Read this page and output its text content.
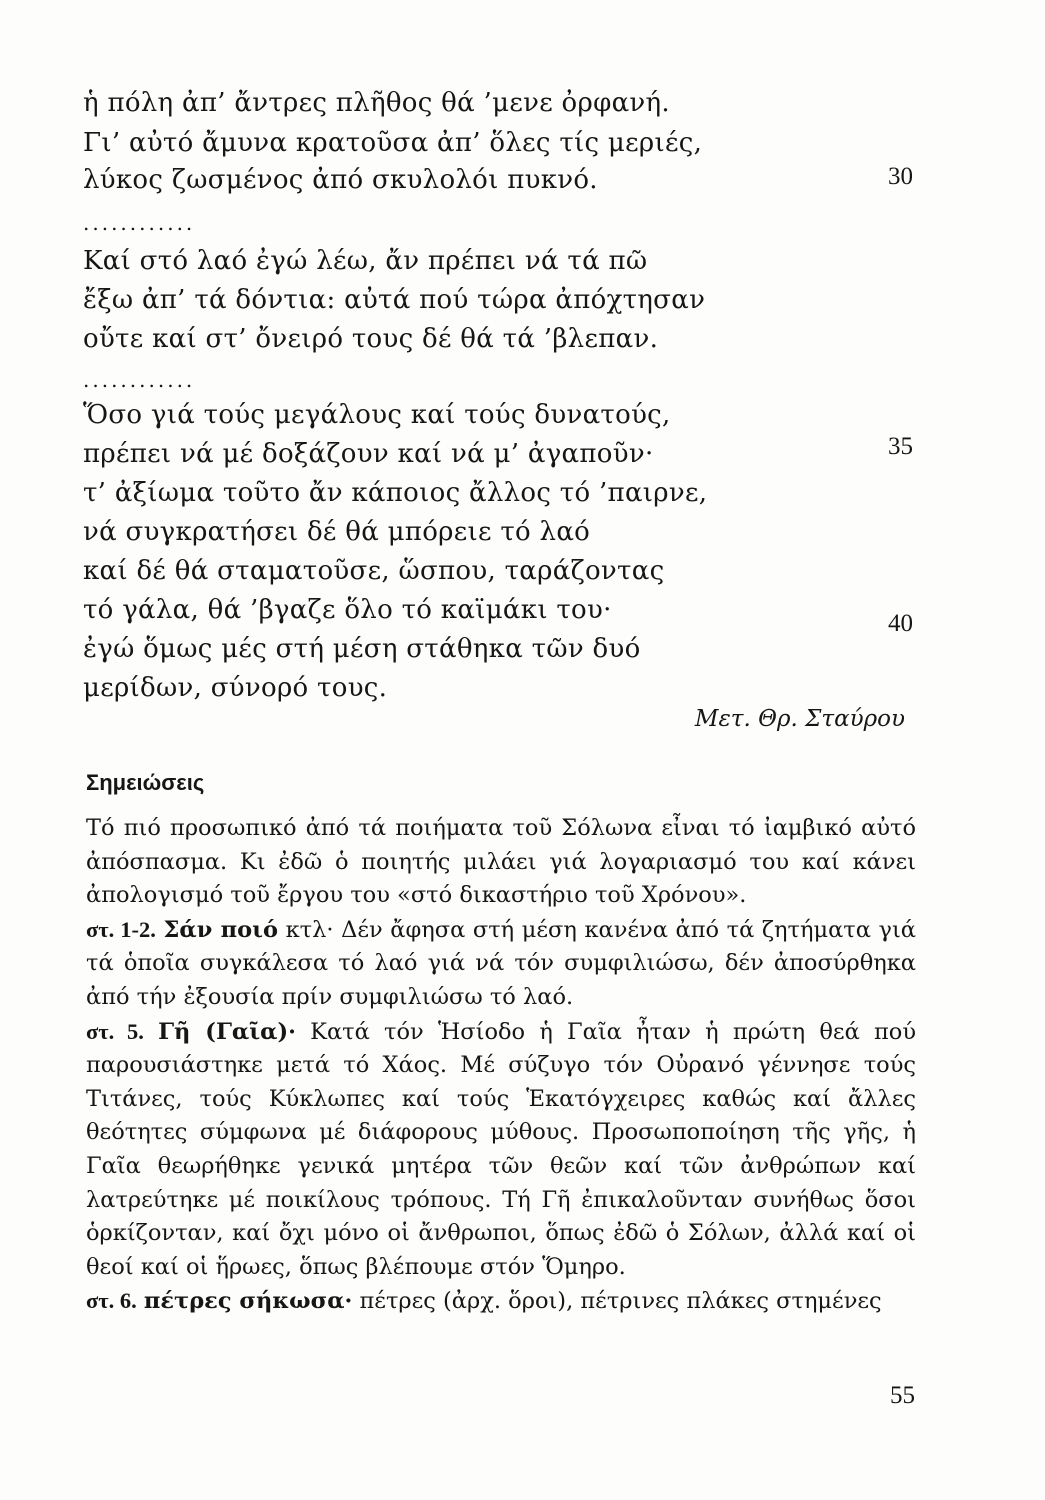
ἡ πόλη ἀπ’ ἄντρες πλῆθος θά ’μενε ὀρφανή.
Γι’ αὐτό ἄμυνα κρατοῦσα ἀπ’ ὅλες τίς μεριές,
λύκος ζωσμένος ἀπό σκυλολόι πυκνό.
............
Καί στό λαό ἐγώ λέω, ἄν πρέπει νά τά πῶ
ἔξω ἀπ’ τά δόντια: αὐτά πού τώρα ἀπόχτησαν
οὔτε καί στ’ ὄνειρό τους δέ θά τά ’βλεπαν.
............
Ὅσο γιά τούς μεγάλους καί τούς δυνατούς,
πρέπει νά μέ δοξάζουν καί νά μ’ ἀγαποῦν·
τ’ ἀξίωμα τοῦτο ἄν κάποιος ἄλλος τό ’παιρνε,
νά συγκρατήσει δέ θά μπόρειε τό λαό
καί δέ θά σταματοῦσε, ὥσπου, ταράζοντας
τό γάλα, θά ’βγαζε ὅλο τό καϊμάκι του·
ἐγώ ὅμως μές στή μέση στάθηκα τῶν δυό
μερίδων, σύνορό τους.
30
35
40
Μετ. Θρ. Σταύρου
Σημειώσεις

Τό πιό προσωπικό ἀπό τά ποιήματα τοῦ Σόλωνα εἶναι τό ἰαμβικό αὐτό ἀπόσπασμα. Κι ἐδῶ ὁ ποιητής μιλάει γιά λογαριασμό του καί κάνει ἀπολογισμό τοῦ ἔργου του «στό δικαστήριο τοῦ Χρόνου».

στ. 1-2. Σάν ποιό κτλ· Δέν ἄφησα στή μέση κανένα ἀπό τά ζητήματα γιά τά ὁποῖα συγκάλεσα τό λαό γιά νά τόν συμφιλιώσω, δέν ἀποσύρθηκα ἀπό τήν ἐξουσία πρίν συμφιλιώσω τό λαό.

στ. 5. Γῆ (Γαῖα)· Κατά τόν Ἡσίοδο ἡ Γαῖα ἦταν ἡ πρώτη θεά πού παρουσιάστηκε μετά τό Χάος. Μέ σύζυγο τόν Οὐρανό γέννησε τούς Τιτάνες, τούς Κύκλωπες καί τούς Ἑκατόγχειρες καθώς καί ἄλλες θεότητες σύμφωνα μέ διάφορους μύθους. Προσωποποίηση τῆς γῆς, ἡ Γαῖα θεωρήθηκε γενικά μητέρα τῶν θεῶν καί τῶν ἀνθρώπων καί λατρεύτηκε μέ ποικίλους τρόπους. Τή Γῆ ἐπικαλοῦνταν συνήθως ὅσοι ὁρκίζονταν, καί ὄχι μόνο οἱ ἄνθρωποι, ὅπως ἐδῶ ὁ Σόλων, ἀλλά καί οἱ θεοί καί οἱ ἥρωες, ὅπως βλέπουμε στόν Ὅμηρο.

στ. 6. πέτρες σήκωσα· πέτρες (ἀρχ. ὅροι), πέτρινες πλάκες στημένες

55
